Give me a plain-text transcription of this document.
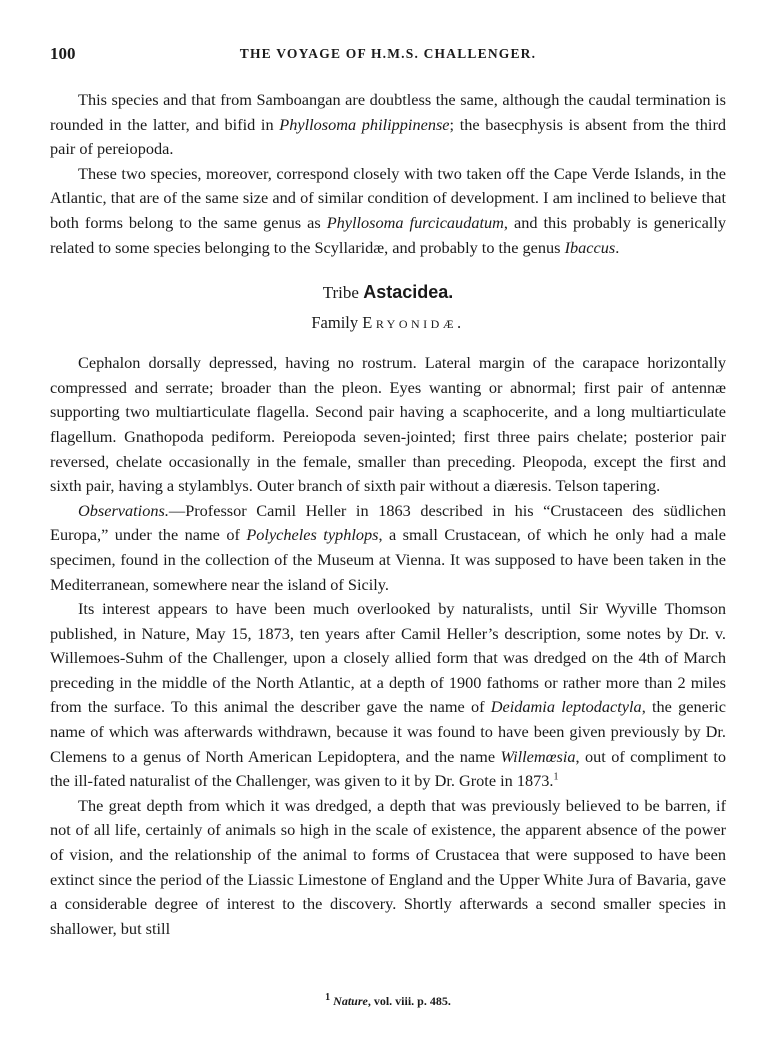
100	THE VOYAGE OF H.M.S. CHALLENGER.

This species and that from Samboangan are doubtless the same, although the caudal termination is rounded in the latter, and bifid in Phyllosoma philippinense; the basecphysis is absent from the third pair of pereiopoda.

These two species, moreover, correspond closely with two taken off the Cape Verde Islands, in the Atlantic, that are of the same size and of similar condition of development. I am inclined to believe that both forms belong to the same genus as Phyllosoma furcicaudatum, and this probably is generically related to some species belonging to the Scyllaridæ, and probably to the genus Ibaccus.

Tribe Astacidea.
Family Eryonidæ.

Cephalon dorsally depressed, having no rostrum. Lateral margin of the carapace horizontally compressed and serrate; broader than the pleon. Eyes wanting or abnormal; first pair of antennæ supporting two multiarticulate flagella. Second pair having a scaphocerite, and a long multiarticulate flagellum. Gnathopoda pediform. Pereiopoda seven-jointed; first three pairs chelate; posterior pair reversed, chelate occasionally in the female, smaller than preceding. Pleopoda, except the first and sixth pair, having a stylamblys. Outer branch of sixth pair without a diæresis. Telson tapering.

Observations.—Professor Camil Heller in 1863 described in his “Crustaceen des südlichen Europa,” under the name of Polycheles typhlops, a small Crustacean, of which he only had a male specimen, found in the collection of the Museum at Vienna. It was supposed to have been taken in the Mediterranean, somewhere near the island of Sicily.

Its interest appears to have been much overlooked by naturalists, until Sir Wyville Thomson published, in Nature, May 15, 1873, ten years after Camil Heller’s description, some notes by Dr. v. Willemoes-Suhm of the Challenger, upon a closely allied form that was dredged on the 4th of March preceding in the middle of the North Atlantic, at a depth of 1900 fathoms or rather more than 2 miles from the surface. To this animal the describer gave the name of Deidamia leptodactyla, the generic name of which was afterwards withdrawn, because it was found to have been given previously by Dr. Clemens to a genus of North American Lepidoptera, and the name Willemœsia, out of compliment to the ill-fated naturalist of the Challenger, was given to it by Dr. Grote in 1873.$^1$

The great depth from which it was dredged, a depth that was previously believed to be barren, if not of all life, certainly of animals so high in the scale of existence, the apparent absence of the power of vision, and the relationship of the animal to forms of Crustacea that were supposed to have been extinct since the period of the Liassic Limestone of England and the Upper White Jura of Bavaria, gave a considerable degree of interest to the discovery. Shortly afterwards a second smaller species in shallower, but still

$^1$ Nature, vol. viii. p. 485.
